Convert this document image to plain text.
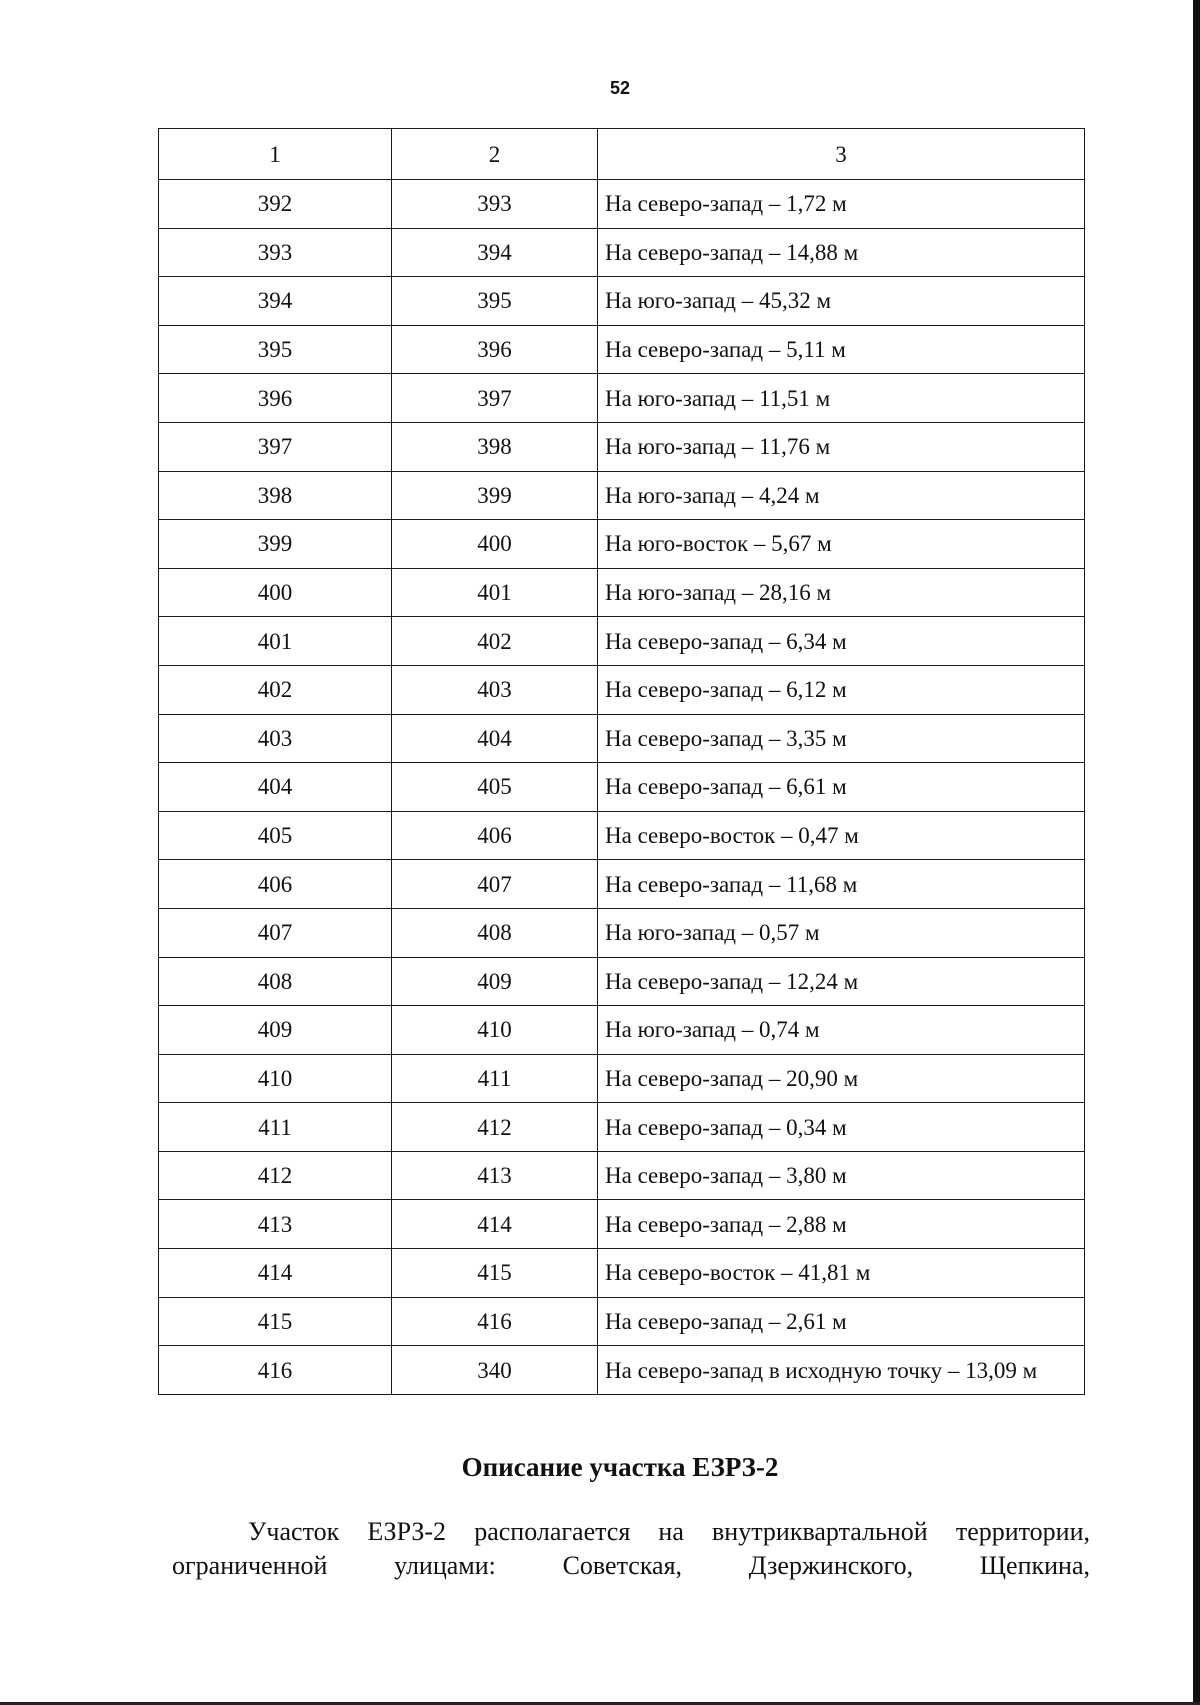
52
1	2	3
392	393	На северо-запад – 1,72 м
393	394	На северо-запад – 14,88 м
394	395	На юго-запад – 45,32 м
395	396	На северо-запад – 5,11 м
396	397	На юго-запад – 11,51 м
397	398	На юго-запад – 11,76 м
398	399	На юго-запад – 4,24 м
399	400	На юго-восток – 5,67 м
400	401	На юго-запад – 28,16 м
401	402	На северо-запад – 6,34 м
402	403	На северо-запад – 6,12 м
403	404	На северо-запад – 3,35 м
404	405	На северо-запад – 6,61 м
405	406	На северо-восток – 0,47 м
406	407	На северо-запад – 11,68 м
407	408	На юго-запад – 0,57 м
408	409	На северо-запад – 12,24 м
409	410	На юго-запад – 0,74 м
410	411	На северо-запад – 20,90 м
411	412	На северо-запад – 0,34 м
412	413	На северо-запад – 3,80 м
413	414	На северо-запад – 2,88 м
414	415	На северо-восток – 41,81 м
415	416	На северо-запад – 2,61 м
416	340	На северо-запад в исходную точку – 13,09 м
Описание участка ЕЗРЗ-2
Участок ЕЗРЗ-2 располагается на внутриквартальной территории,
ограниченной улицами: Советская, Дзержинского, Щепкина,
